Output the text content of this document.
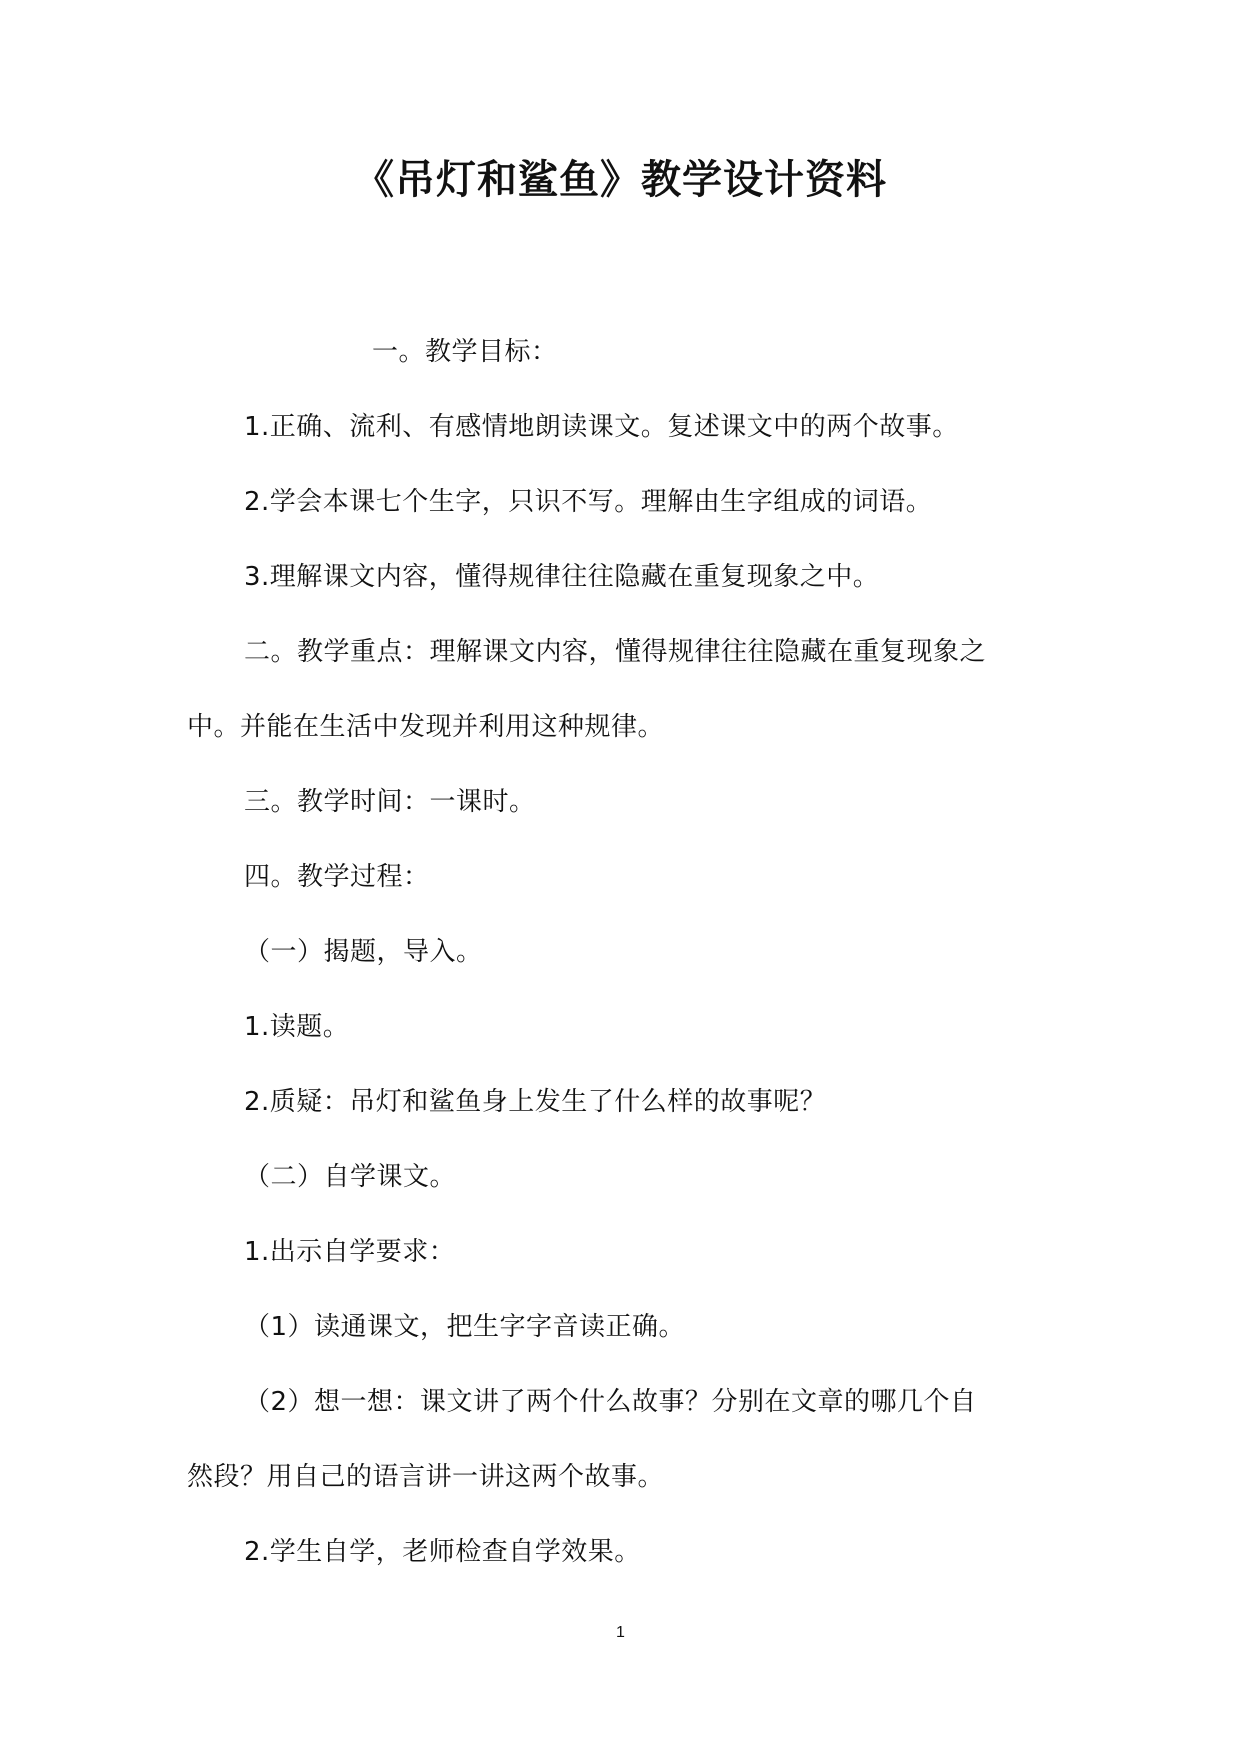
《吊灯和鲨鱼》教学设计资料
一。教学目标：
1.正确、流利、有感情地朗读课文。复述课文中的两个故事。
2.学会本课七个生字，只识不写。理解由生字组成的词语。
3.理解课文内容，懂得规律往往隐藏在重复现象之中。
二。教学重点：理解课文内容，懂得规律往往隐藏在重复现象之
中。并能在生活中发现并利用这种规律。
三。教学时间：一课时。
四。教学过程：
（一）揭题，导入。
1.读题。
2.质疑：吊灯和鲨鱼身上发生了什么样的故事呢？
（二）自学课文。
1.出示自学要求：
（1）读通课文，把生字字音读正确。
（2）想一想：课文讲了两个什么故事？分别在文章的哪几个自
然段？用自己的语言讲一讲这两个故事。
2.学生自学，老师检查自学效果。
1
